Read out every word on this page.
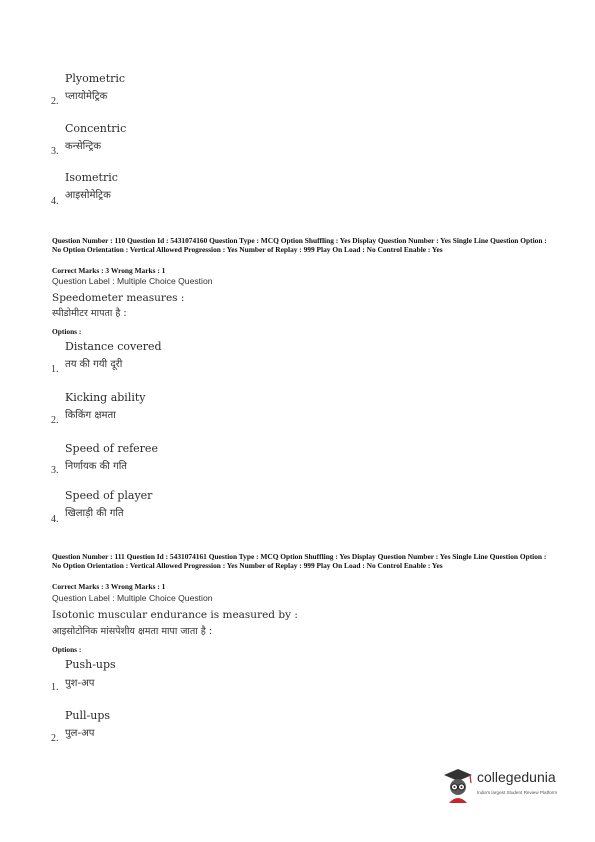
Plyometric
2. प्लायोमेट्रिक
Concentric
3. कन्सेन्ट्रिक
Isometric
4.
आइसोमेट्रिक
Question Number : 110 Question Id : 5431074160 Question Type : MCQ Option Shuffling : Yes Display Question Number : Yes Single Line Question Option : No Option Orientation : Vertical Allowed Progression : Yes Number of Replay : 999 Play On Load : No Control Enable : Yes
Correct Marks : 3 Wrong Marks : 1
Question Label : Multiple Choice Question
Speedometer measures :
स्पीडोमीटर मापता है :
Options :
Distance covered
1. तय की गयी दूरी
Kicking ability
2. किकिंग क्षमता
Speed of referee
3. निर्णायक की गति
Speed of player
4.
खिलाड़ी की गति
Question Number : 111 Question Id : 5431074161 Question Type : MCQ Option Shuffling : Yes Display Question Number : Yes Single Line Question Option : No Option Orientation : Vertical Allowed Progression : Yes Number of Replay : 999 Play On Load : No Control Enable : Yes
Correct Marks : 3 Wrong Marks : 1
Question Label : Multiple Choice Question
Isotonic muscular endurance is measured by :
आइसोटोनिक मांसपेशीय क्षमता मापा जाता है :
Options :
Push-ups
1. पुश-अप
Pull-ups
2. पुल-अप
collegedunia
India's largest Student Review Platform
